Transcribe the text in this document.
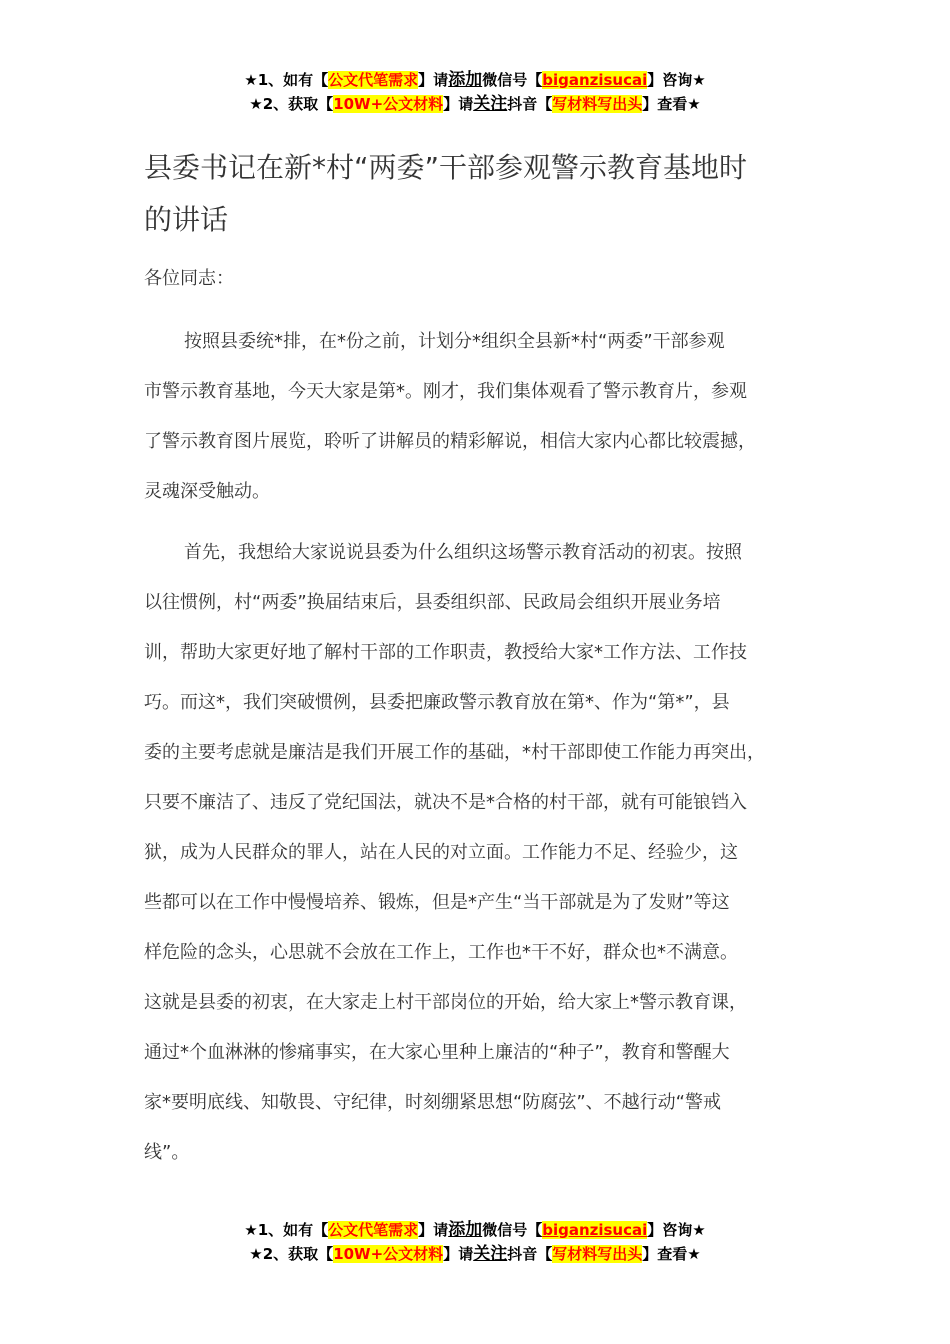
★1、如有【公文代笔需求】请添加微信号【biganzisucai】咨询★
★2、获取【10W+公文材料】请关注抖音【写材料写出头】查看★
县委书记在新*村“两委”干部参观警示教育基地时
的讲话
各位同志：
按照县委统*排，在*份之前，计划分*组织全县新*村“两委”干部参观
市警示教育基地，今天大家是第*。刚才，我们集体观看了警示教育片，参观
了警示教育图片展览，聆听了讲解员的精彩解说，相信大家内心都比较震撼，
灵魂深受触动。
首先，我想给大家说说县委为什么组织这场警示教育活动的初衷。按照
以往惯例，村“两委”换届结束后，县委组织部、民政局会组织开展业务培
训，帮助大家更好地了解村干部的工作职责，教授给大家*工作方法、工作技
巧。而这*，我们突破惯例，县委把廉政警示教育放在第*、作为“第*”，县
委的主要考虑就是廉洁是我们开展工作的基础，*村干部即使工作能力再突出，
只要不廉洁了、违反了党纪国法，就决不是*合格的村干部，就有可能锒铛入
狱，成为人民群众的罪人，站在人民的对立面。工作能力不足、经验少，这
些都可以在工作中慢慢培养、锻炼，但是*产生“当干部就是为了发财”等这
样危险的念头，心思就不会放在工作上，工作也*干不好，群众也*不满意。
这就是县委的初衷，在大家走上村干部岗位的开始，给大家上*警示教育课，
通过*个血淋淋的惨痛事实，在大家心里种上廉洁的“种子”，教育和警醒大
家*要明底线、知敬畏、守纪律，时刻绷紧思想“防腐弦”、不越行动“警戒
线”。
★1、如有【公文代笔需求】请添加微信号【biganzisucai】咨询★
★2、获取【10W+公文材料】请关注抖音【写材料写出头】查看★
